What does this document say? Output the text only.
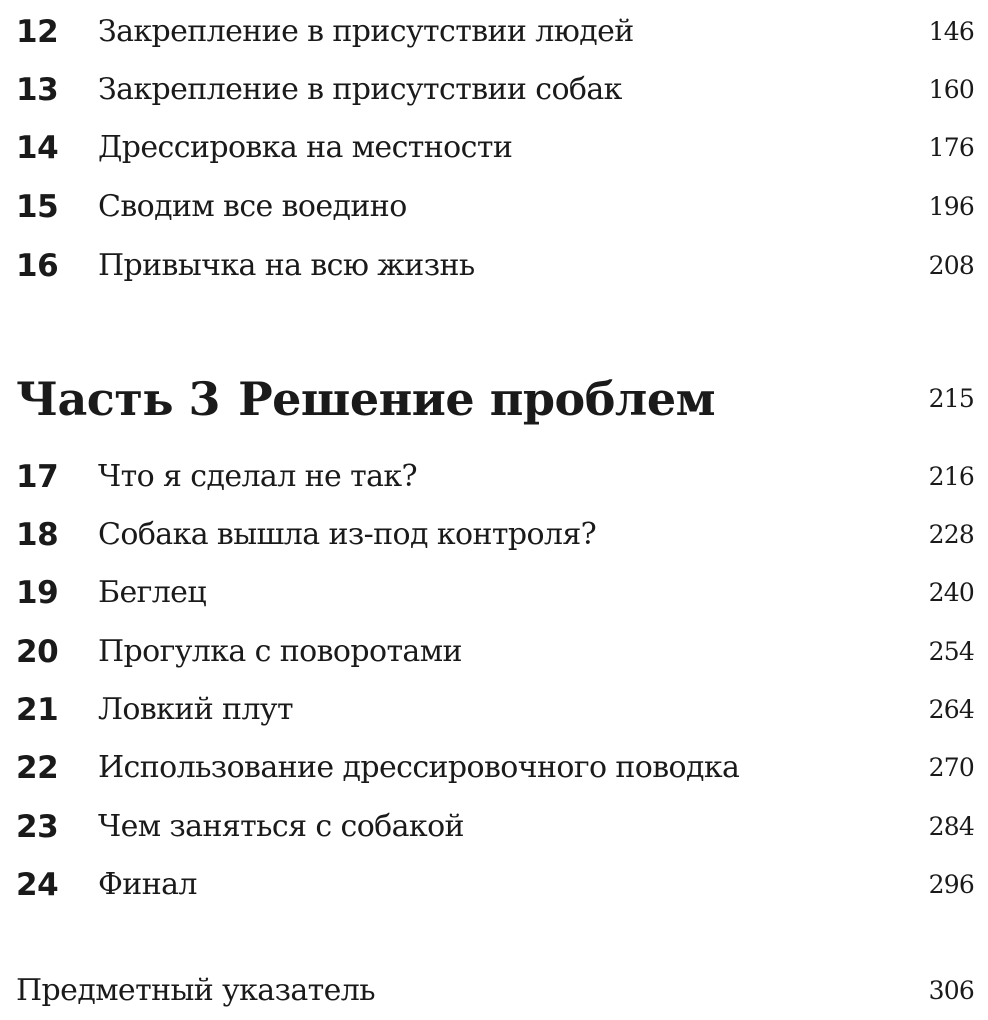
12 Закрепление в присутствии людей	146
13 Закрепление в присутствии собак	160
14 Дрессировка на местности	176
15 Сводим все воедино	196
16 Привычка на всю жизнь	208
Часть 3 Решение проблем	215
17 Что я сделал не так?	216
18 Собака вышла из-под контроля?	228
19 Беглец	240
20 Прогулка с поворотами	254
21 Ловкий плут	264
22 Использование дрессировочного поводка	270
23 Чем заняться с собакой	284
24 Финал	296
Предметный указатель	306
